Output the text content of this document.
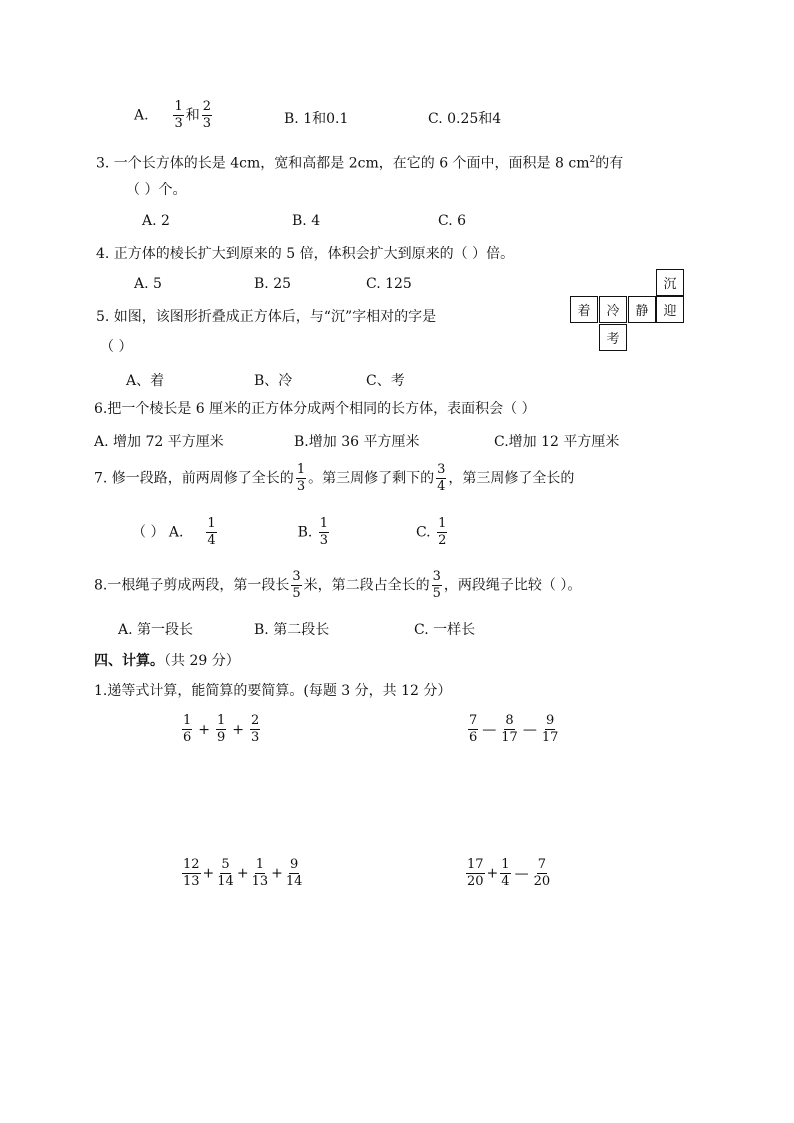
A. $\frac{1}{3}$ 和 $\frac{2}{3}$	B. 1和0.1	C. 0.25和4
3. 一个长方体的长是 4cm，宽和高都是 2cm，在它的 6 个面中，面积是 8 $cm^2$的有
（ ）个。
A. 2	B. 4	C. 6
4. 正方体的棱长扩大到原来的 5 倍，体积会扩大到原来的（ ）倍。
A. 5	B. 25	C. 125	沉
着	冷	静	迎
考
5. 如图，该图形折叠成正方体后，与“沉”字相对的字是
（ ）
A、着	B、冷	C、考
6.把一个棱长是 6 厘米的正方体分成两个相同的长方体，表面积会（ ）
A. 增加 72 平方厘米	B.增加 36 平方厘米	C.增加 12 平方厘米
7. 修一段路，前两周修了全长的 $\frac{1}{3}$ 。第三周修了剩下的 $\frac{3}{4}$ ，第三周修了全长的
（ ） A. $\frac{1}{4}$	B. $\frac{1}{3}$	C. $\frac{1}{2}$
8.一根绳子剪成两段，第一段长 $\frac{3}{5}$ 米，第二段占全长的 $\frac{3}{5}$ ，两段绳子比较（ ）。
A. 第一段长	B. 第二段长	C. 一样长
四、计算。（共 29 分）
1.递等式计算，能简算的要简算。(每题 3 分，共 12 分）
$\frac{1}{6} + \frac{1}{9} + \frac{2}{3}$	$\frac{7}{6}$ — $\frac{8}{17}$ — $\frac{9}{17}$
$\frac{12}{13} + \frac{5}{14} + \frac{1}{13} + \frac{9}{14}$	$\frac{17}{20} + \frac{1}{4}$ — $\frac{7}{20}$
